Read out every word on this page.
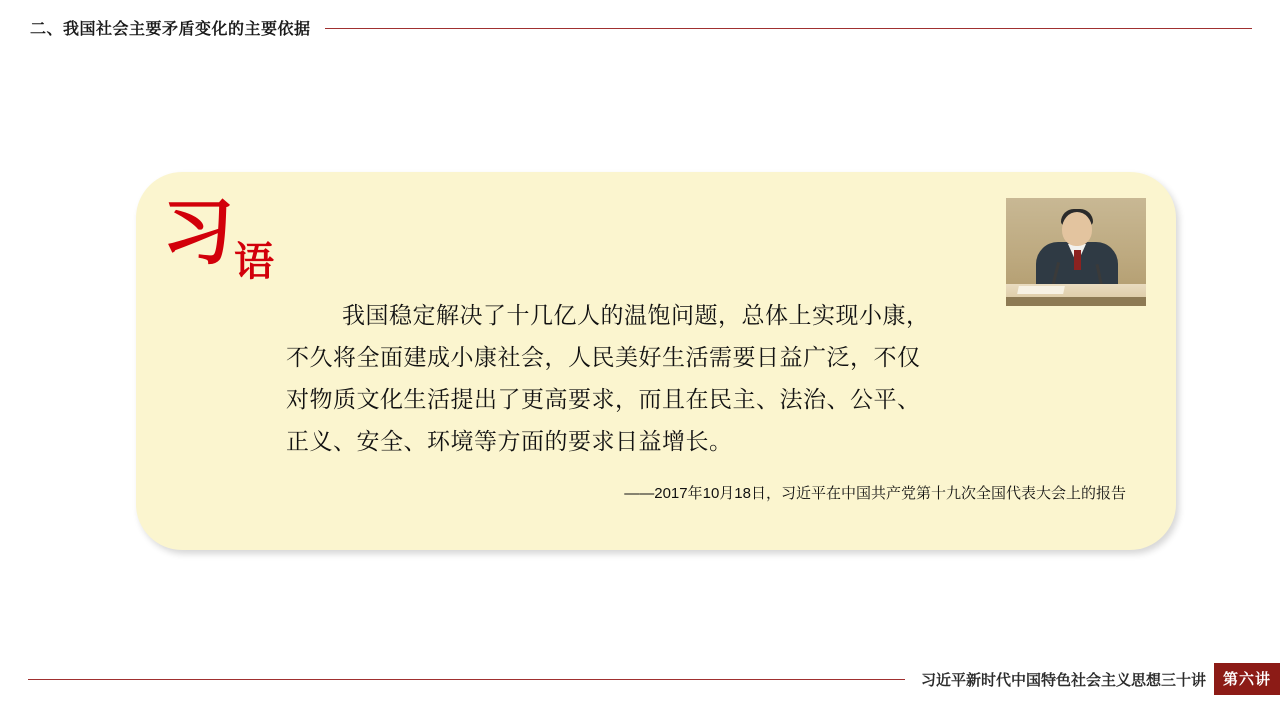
二、我国社会主要矛盾变化的主要依据
习 语
我国稳定解决了十几亿人的温饱问题，总体上实现小康，
不久将全面建成小康社会，人民美好生活需要日益广泛，不仅
对物质文化生活提出了更高要求，而且在民主、法治、公平、
正义、安全、环境等方面的要求日益增长。
——2017年10月18日，习近平在中国共产党第十九次全国代表大会上的报告
习近平新时代中国特色社会主义思想三十讲	第六讲
